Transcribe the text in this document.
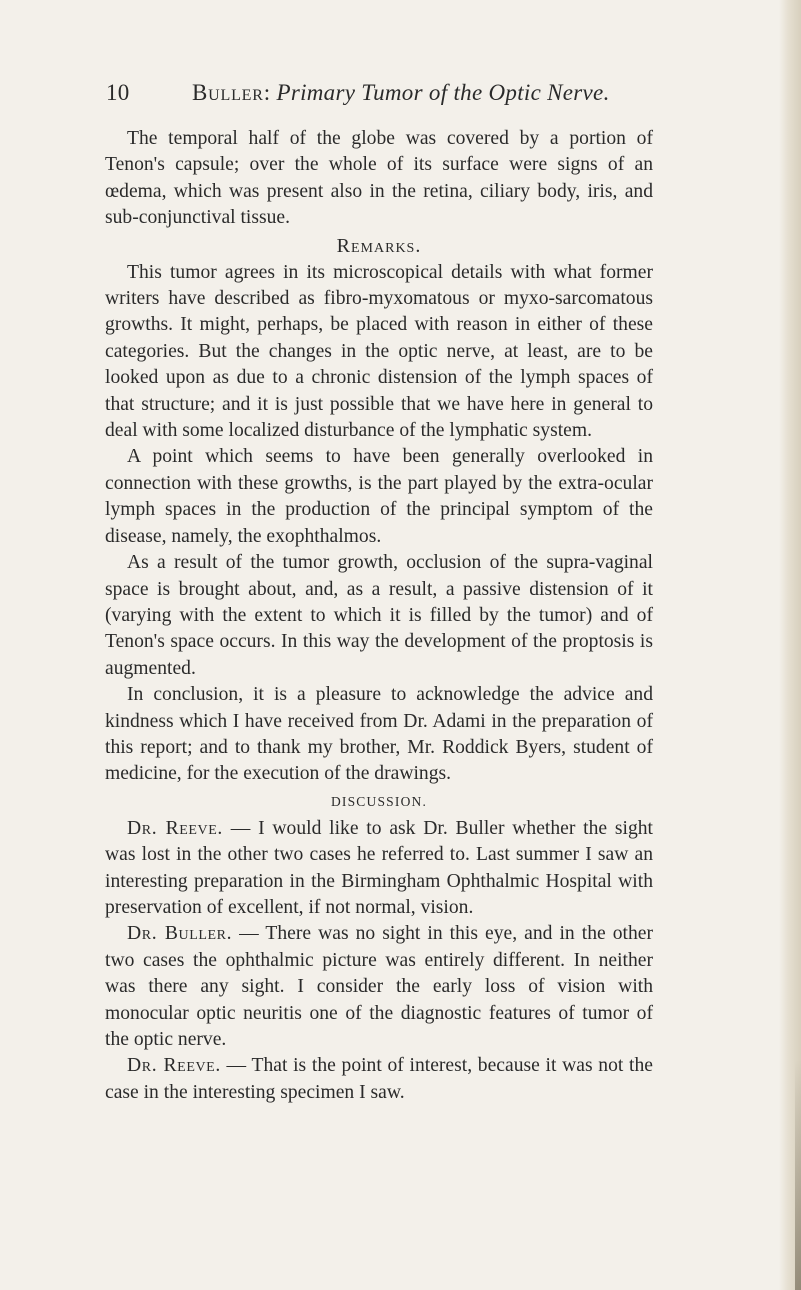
10	Buller: Primary Tumor of the Optic Nerve.

The temporal half of the globe was covered by a portion of Tenon's capsule; over the whole of its surface were signs of an œdema, which was present also in the retina, ciliary body, iris, and sub-conjunctival tissue.

Remarks.

This tumor agrees in its microscopical details with what former writers have described as fibro-myxomatous or myxo-sarcomatous growths. It might, perhaps, be placed with reason in either of these categories. But the changes in the optic nerve, at least, are to be looked upon as due to a chronic distension of the lymph spaces of that structure; and it is just possible that we have here in general to deal with some localized disturbance of the lymphatic system.

A point which seems to have been generally overlooked in connection with these growths, is the part played by the extra-ocular lymph spaces in the production of the principal symptom of the disease, namely, the exophthalmos.

As a result of the tumor growth, occlusion of the supra-vaginal space is brought about, and, as a result, a passive distension of it (varying with the extent to which it is filled by the tumor) and of Tenon's space occurs. In this way the development of the proptosis is augmented.

In conclusion, it is a pleasure to acknowledge the advice and kindness which I have received from Dr. Adami in the preparation of this report; and to thank my brother, Mr. Roddick Byers, student of medicine, for the execution of the drawings.

DISCUSSION.

Dr. Reeve. — I would like to ask Dr. Buller whether the sight was lost in the other two cases he referred to. Last summer I saw an interesting preparation in the Birmingham Ophthalmic Hospital with preservation of excellent, if not normal, vision.

Dr. Buller. — There was no sight in this eye, and in the other two cases the ophthalmic picture was entirely different. In neither was there any sight. I consider the early loss of vision with monocular optic neuritis one of the diagnostic features of tumor of the optic nerve.

Dr. Reeve. — That is the point of interest, because it was not the case in the interesting specimen I saw.
